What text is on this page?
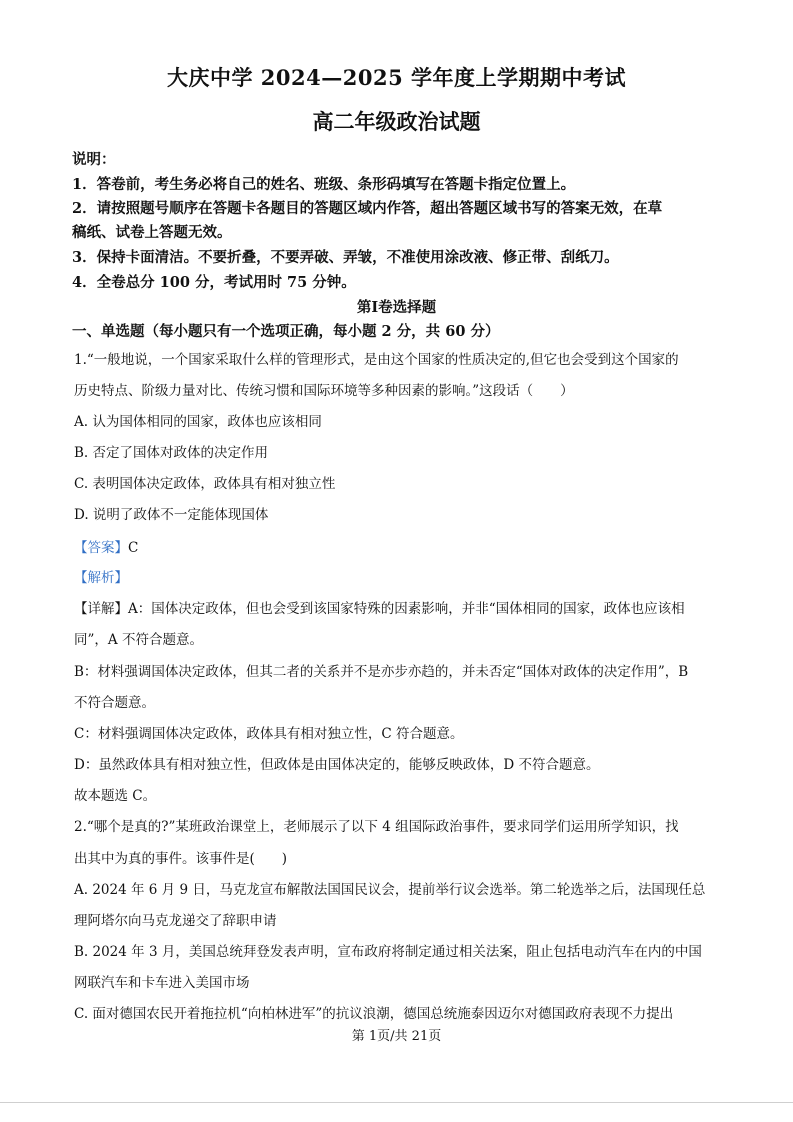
大庆中学 2024—2025 学年度上学期期中考试
高二年级政治试题
说明：
1．答卷前，考生务必将自己的姓名、班级、条形码填写在答题卡指定位置上。
2．请按照题号顺序在答题卡各题目的答题区域内作答，超出答题区域书写的答案无效，在草
稿纸、试卷上答题无效。
3．保持卡面清洁。不要折叠，不要弄破、弄皱，不准使用涂改液、修正带、刮纸刀。
4．全卷总分 100 分，考试用时 75 分钟。
第Ⅰ卷选择题
一、单选题（每小题只有一个选项正确，每小题 2 分，共 60 分）
1.“一般地说，一个国家采取什么样的管理形式，是由这个国家的性质决定的,但它也会受到这个国家的
历史特点、阶级力量对比、传统习惯和国际环境等多种因素的影响。”这段话（　　）
A. 认为国体相同的国家，政体也应该相同
B. 否定了国体对政体的决定作用
C. 表明国体决定政体，政体具有相对独立性
D. 说明了政体不一定能体现国体
【答案】C
【解析】
【详解】A：国体决定政体，但也会受到该国家特殊的因素影响，并非“国体相同的国家，政体也应该相
同”，A 不符合题意。
B：材料强调国体决定政体，但其二者的关系并不是亦步亦趋的，并未否定“国体对政体的决定作用”，B
不符合题意。
C：材料强调国体决定政体，政体具有相对独立性，C 符合题意。
D：虽然政体具有相对独立性，但政体是由国体决定的，能够反映政体，D 不符合题意。
故本题选 C。
2.“哪个是真的?”某班政治课堂上，老师展示了以下 4 组国际政治事件，要求同学们运用所学知识，找
出其中为真的事件。该事件是(　　)
A. 2024 年 6 月 9 日，马克龙宣布解散法国国民议会，提前举行议会选举。第二轮选举之后，法国现任总
理阿塔尔向马克龙递交了辞职申请
B. 2024 年 3 月，美国总统拜登发表声明，宣布政府将制定通过相关法案，阻止包括电动汽车在内的中国
网联汽车和卡车进入美国市场
C. 面对德国农民开着拖拉机“向柏林进军”的抗议浪潮，德国总统施泰因迈尔对德国政府表现不力提出
第 1页/共 21页
